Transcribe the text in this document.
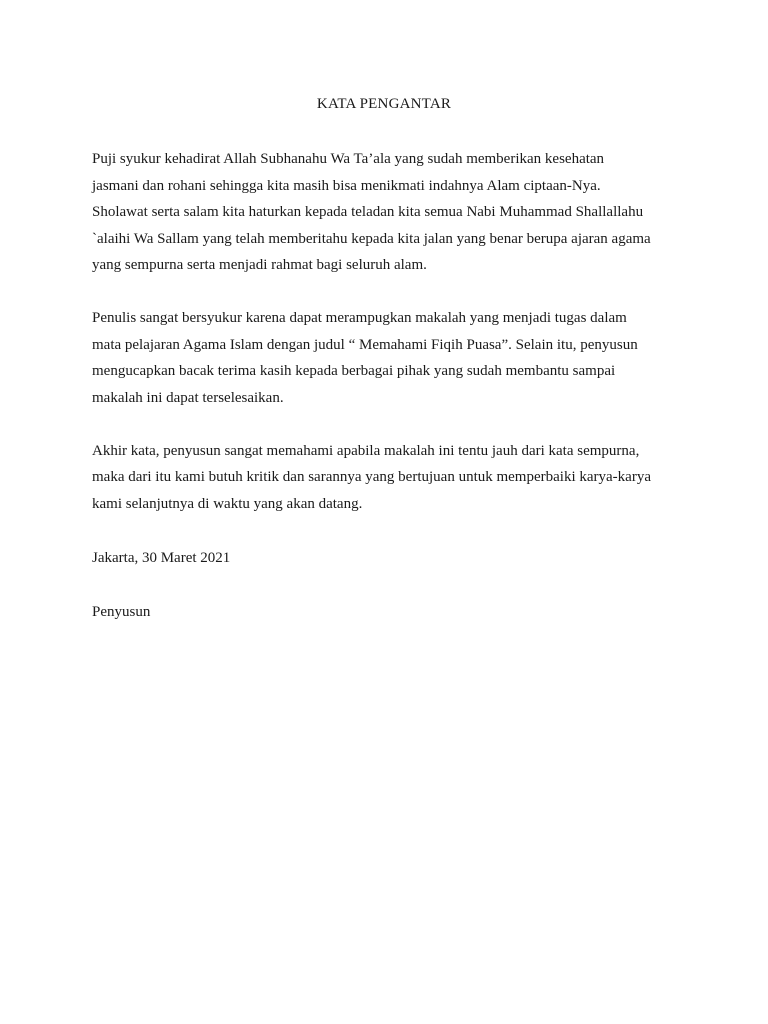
KATA PENGANTAR
Puji syukur kehadirat Allah Subhanahu Wa Ta’ala yang sudah memberikan kesehatan
jasmani dan rohani sehingga kita masih bisa menikmati indahnya Alam ciptaan-Nya.
Sholawat serta salam kita haturkan kepada teladan kita semua Nabi Muhammad Shallallahu
`alaihi Wa Sallam yang telah memberitahu kepada kita jalan yang benar berupa ajaran agama
yang sempurna serta menjadi rahmat bagi seluruh alam.
Penulis sangat bersyukur karena dapat merampugkan makalah yang menjadi tugas dalam
mata pelajaran Agama Islam dengan judul “ Memahami Fiqih Puasa”. Selain itu, penyusun
mengucapkan bacak terima kasih kepada berbagai pihak yang sudah membantu sampai
makalah ini dapat terselesaikan.
Akhir kata, penyusun sangat memahami apabila makalah ini tentu jauh dari kata sempurna,
maka dari itu kami butuh kritik dan sarannya yang bertujuan untuk memperbaiki karya-karya
kami selanjutnya di waktu yang akan datang.
Jakarta, 30 Maret 2021
Penyusun
